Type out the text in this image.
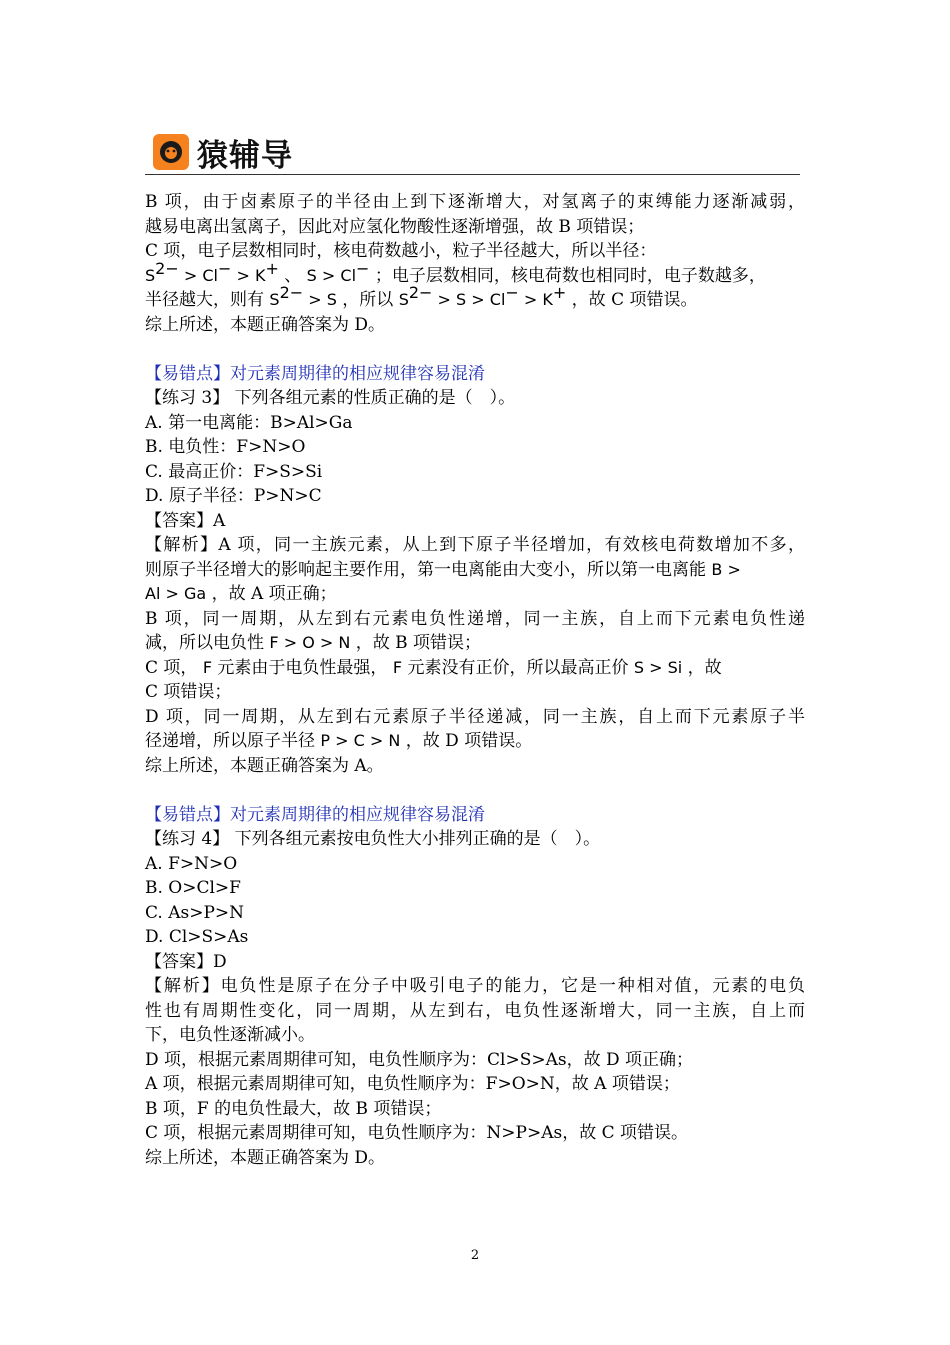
猿辅导
B 项，由于卤素原子的半径由上到下逐渐增大，对氢离子的束缚能力逐渐减弱，
越易电离出氢离子，因此对应氢化物酸性逐渐增强，故 B 项错误；
C 项，电子层数相同时，核电荷数越小，粒子半径越大，所以半径：
$S^{2-} > Cl^- > K^+$ 、 S > Cl− ；电子层数相同，核电荷数也相同时，电子数越多，
半径越大，则有 $S^{2-} > S$ ，所以 $S^{2-} > S > Cl^- > K^+$ ，故 C 项错误。
综上所述，本题正确答案为 D。
【易错点】对元素周期律的相应规律容易混淆
【练习 3】 下列各组元素的性质正确的是（　）。
A. 第一电离能：B>Al>Ga
B. 电负性：F>N>O
C. 最高正价：F>S>Si
D. 原子半径：P>N>C
【答案】A
【解析】A 项，同一主族元素，从上到下原子半径增加，有效核电荷数增加不多，
则原子半径增大的影响起主要作用，第一电离能由大变小，所以第一电离能 B >
Al > Ga ，故 A 项正确；
B 项，同一周期，从左到右元素电负性递增，同一主族，自上而下元素电负性递
减，所以电负性 F > O > N ，故 B 项错误；
C 项， F 元素由于电负性最强， F 元素没有正价，所以最高正价 S > Si ，故
C 项错误；
D 项，同一周期，从左到右元素原子半径递减，同一主族，自上而下元素原子半
径递增，所以原子半径 P > C > N ，故 D 项错误。
综上所述，本题正确答案为 A。
【易错点】对元素周期律的相应规律容易混淆
【练习 4】 下列各组元素按电负性大小排列正确的是（　）。
A. F>N>O
B. O>Cl>F
C. As>P>N
D. Cl>S>As
【答案】D
【解析】电负性是原子在分子中吸引电子的能力，它是一种相对值，元素的电负
性也有周期性变化，同一周期，从左到右，电负性逐渐增大，同一主族，自上而
下，电负性逐渐减小。
D 项，根据元素周期律可知，电负性顺序为：Cl>S>As，故 D 项正确；
A 项，根据元素周期律可知，电负性顺序为：F>O>N，故 A 项错误；
B 项，F 的电负性最大，故 B 项错误；
C 项，根据元素周期律可知，电负性顺序为：N>P>As，故 C 项错误。
综上所述，本题正确答案为 D。
2
